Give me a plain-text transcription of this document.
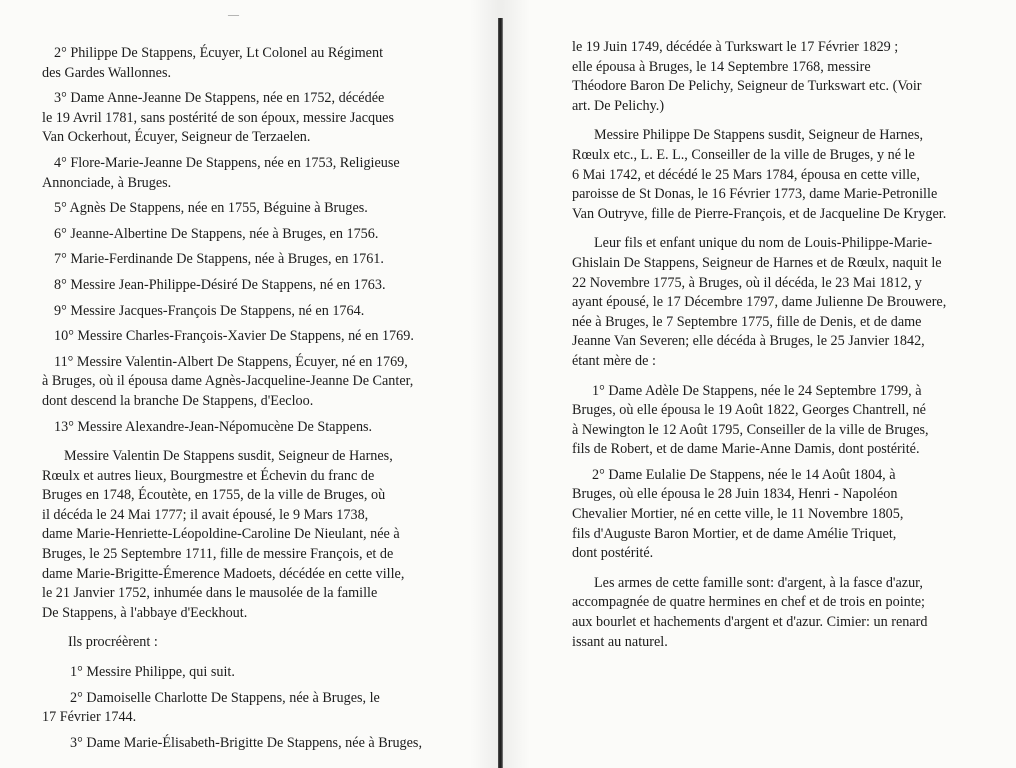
—
2° Philippe De Stappens, Écuyer, Lt Colonel au Régiment
des Gardes Wallonnes.
3° Dame Anne-Jeanne De Stappens, née en 1752, décédée
le 19 Avril 1781, sans postérité de son époux, messire Jacques
Van Ockerhout, Écuyer, Seigneur de Terzaelen.
4° Flore-Marie-Jeanne De Stappens, née en 1753, Religieuse
Annonciade, à Bruges.
5° Agnès De Stappens, née en 1755, Béguine à Bruges.
6° Jeanne-Albertine De Stappens, née à Bruges, en 1756.
7° Marie-Ferdinande De Stappens, née à Bruges, en 1761.
8° Messire Jean-Philippe-Désiré De Stappens, né en 1763.
9° Messire Jacques-François De Stappens, né en 1764.
10° Messire Charles-François-Xavier De Stappens, né en 1769.
11° Messire Valentin-Albert De Stappens, Écuyer, né en 1769,
à Bruges, où il épousa dame Agnès-Jacqueline-Jeanne De Canter,
dont descend la branche De Stappens, d'Eecloo.
13° Messire Alexandre-Jean-Népomucène De Stappens.
Messire Valentin De Stappens susdit, Seigneur de Harnes,
Rœulx et autres lieux, Bourgmestre et Échevin du franc de
Bruges en 1748, Écoutète, en 1755, de la ville de Bruges, où
il décéda le 24 Mai 1777; il avait épousé, le 9 Mars 1738,
dame Marie-Henriette-Léopoldine-Caroline De Nieulant, née à
Bruges, le 25 Septembre 1711, fille de messire François, et de
dame Marie-Brigitte-Émerence Madoets, décédée en cette ville,
le 21 Janvier 1752, inhumée dans le mausolée de la famille
De Stappens, à l'abbaye d'Eeckhout.
Ils procréèrent :
1° Messire Philippe, qui suit.
2° Damoiselle Charlotte De Stappens, née à Bruges, le
17 Février 1744.
3° Dame Marie-Élisabeth-Brigitte De Stappens, née à Bruges,
le 19 Juin 1749, décédée à Turkswart le 17 Février 1829 ;
elle épousa à Bruges, le 14 Septembre 1768, messire
Théodore Baron De Pelichy, Seigneur de Turkswart etc. (Voir
art. De Pelichy.)
Messire Philippe De Stappens susdit, Seigneur de Harnes,
Rœulx etc., L. E. L., Conseiller de la ville de Bruges, y né le
6 Mai 1742, et décédé le 25 Mars 1784, épousa en cette ville,
paroisse de St Donas, le 16 Février 1773, dame Marie-Petronille
Van Outryve, fille de Pierre-François, et de Jacqueline De Kryger.
Leur fils et enfant unique du nom de Louis-Philippe-Marie-
Ghislain De Stappens, Seigneur de Harnes et de Rœulx, naquit le
22 Novembre 1775, à Bruges, où il décéda, le 23 Mai 1812, y
ayant épousé, le 17 Décembre 1797, dame Julienne De Brouwere,
née à Bruges, le 7 Septembre 1775, fille de Denis, et de dame
Jeanne Van Severen; elle décéda à Bruges, le 25 Janvier 1842,
étant mère de :
1° Dame Adèle De Stappens, née le 24 Septembre 1799, à
Bruges, où elle épousa le 19 Août 1822, Georges Chantrell, né
à Newington le 12 Août 1795, Conseiller de la ville de Bruges,
fils de Robert, et de dame Marie-Anne Damis, dont postérité.
2° Dame Eulalie De Stappens, née le 14 Août 1804, à
Bruges, où elle épousa le 28 Juin 1834, Henri - Napoléon
Chevalier Mortier, né en cette ville, le 11 Novembre 1805,
fils d'Auguste Baron Mortier, et de dame Amélie Triquet,
dont postérité.
Les armes de cette famille sont: d'argent, à la fasce d'azur,
accompagnée de quatre hermines en chef et de trois en pointe;
aux bourlet et hachements d'argent et d'azur. Cimier: un renard
issant au naturel.
